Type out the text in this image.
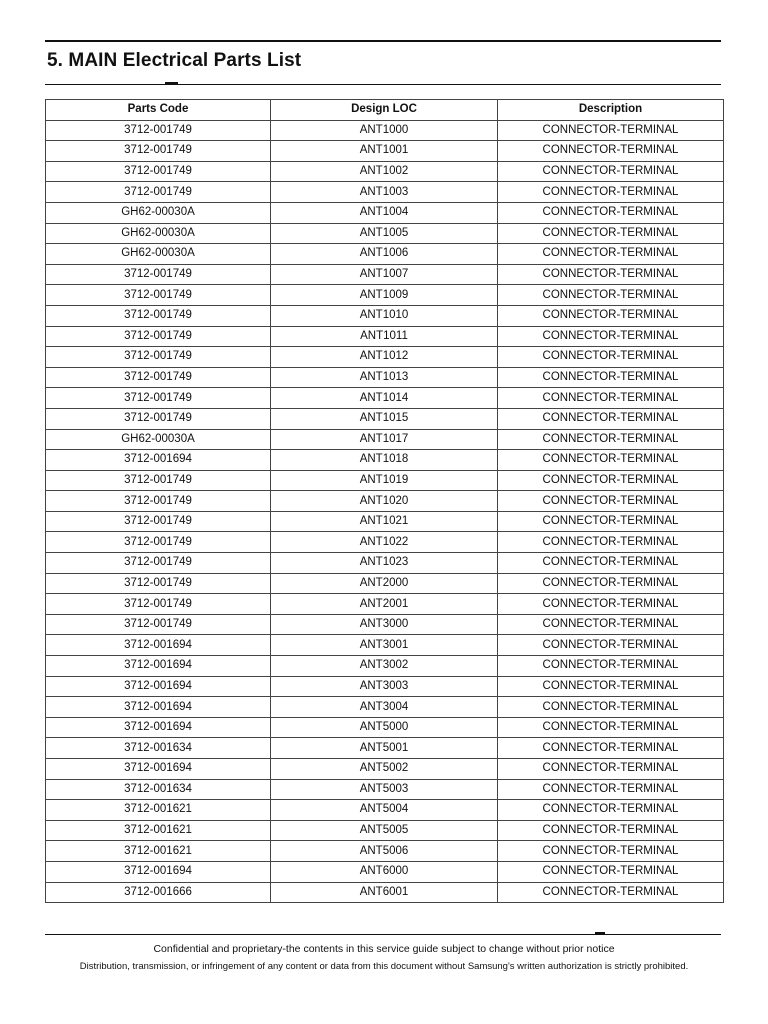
5. MAIN Electrical Parts List
Parts Code	Design LOC	Description
3712-001749	ANT1000	CONNECTOR-TERMINAL
3712-001749	ANT1001	CONNECTOR-TERMINAL
3712-001749	ANT1002	CONNECTOR-TERMINAL
3712-001749	ANT1003	CONNECTOR-TERMINAL
GH62-00030A	ANT1004	CONNECTOR-TERMINAL
GH62-00030A	ANT1005	CONNECTOR-TERMINAL
GH62-00030A	ANT1006	CONNECTOR-TERMINAL
3712-001749	ANT1007	CONNECTOR-TERMINAL
3712-001749	ANT1009	CONNECTOR-TERMINAL
3712-001749	ANT1010	CONNECTOR-TERMINAL
3712-001749	ANT1011	CONNECTOR-TERMINAL
3712-001749	ANT1012	CONNECTOR-TERMINAL
3712-001749	ANT1013	CONNECTOR-TERMINAL
3712-001749	ANT1014	CONNECTOR-TERMINAL
3712-001749	ANT1015	CONNECTOR-TERMINAL
GH62-00030A	ANT1017	CONNECTOR-TERMINAL
3712-001694	ANT1018	CONNECTOR-TERMINAL
3712-001749	ANT1019	CONNECTOR-TERMINAL
3712-001749	ANT1020	CONNECTOR-TERMINAL
3712-001749	ANT1021	CONNECTOR-TERMINAL
3712-001749	ANT1022	CONNECTOR-TERMINAL
3712-001749	ANT1023	CONNECTOR-TERMINAL
3712-001749	ANT2000	CONNECTOR-TERMINAL
3712-001749	ANT2001	CONNECTOR-TERMINAL
3712-001749	ANT3000	CONNECTOR-TERMINAL
3712-001694	ANT3001	CONNECTOR-TERMINAL
3712-001694	ANT3002	CONNECTOR-TERMINAL
3712-001694	ANT3003	CONNECTOR-TERMINAL
3712-001694	ANT3004	CONNECTOR-TERMINAL
3712-001694	ANT5000	CONNECTOR-TERMINAL
3712-001634	ANT5001	CONNECTOR-TERMINAL
3712-001694	ANT5002	CONNECTOR-TERMINAL
3712-001634	ANT5003	CONNECTOR-TERMINAL
3712-001621	ANT5004	CONNECTOR-TERMINAL
3712-001621	ANT5005	CONNECTOR-TERMINAL
3712-001621	ANT5006	CONNECTOR-TERMINAL
3712-001694	ANT6000	CONNECTOR-TERMINAL
3712-001666	ANT6001	CONNECTOR-TERMINAL
Confidential and proprietary-the contents in this service guide subject to change without prior notice
Distribution, transmission, or infringement of any content or data from this document without Samsung's written authorization is strictly prohibited.
